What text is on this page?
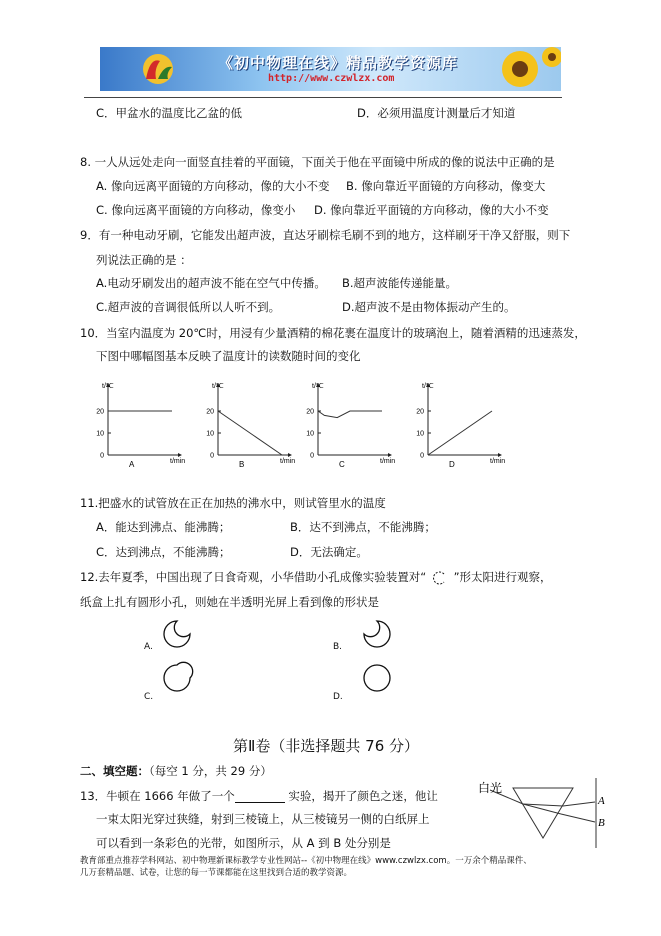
《初中物理在线》精品教学资源库
http://www.czwlzx.com
C．甲盆水的温度比乙盆的低	D．必须用温度计测量后才知道
8. 一人从远处走向一面竖直挂着的平面镜，下面关于他在平面镜中所成的像的说法中正确的是
A. 像向远离平面镜的方向移动，像的大小不变 B. 像向靠近平面镜的方向移动，像变大
C. 像向远离平面镜的方向移动，像变小 D. 像向靠近平面镜的方向移动，像的大小不变
9．有一种电动牙刷，它能发出超声波，直达牙刷棕毛刷不到的地方，这样刷牙干净又舒服，则下
列说法正确的是 ：
A.电动牙刷发出的超声波不能在空气中传播。 B.超声波能传递能量。
C.超声波的音调很低所以人听不到。	D.超声波不是由物体振动产生的。
10．当室内温度为 20℃时，用浸有少量酒精的棉花裹在温度计的玻璃泡上，随着酒精的迅速蒸发，
下图中哪幅图基本反映了温度计的读数随时间的变化
0
10
20
t/℃
t/min
A
0
10
20
t/℃
t/min
B
0
10
20
t/℃
t/min
C
0
10
20
t/℃
t/min
D
11.把盛水的试管放在正在加热的沸水中，则试管里水的温度
A．能达到沸点、能沸腾；	B．达不到沸点，不能沸腾；
C．达到沸点，不能沸腾；	D．无法确定。
12.去年夏季，中国出现了日食奇观，小华借助小孔成像实验装置对“ ”形太阳进行观察，
纸盒上扎有圆形小孔，则她在半透明光屏上看到像的形状是
A.	B.
C.	D.
第Ⅱ卷（非选择题共 76 分）
二、填空题：（每空 1 分，共 29 分）
13．牛顿在 1666 年做了一个	实验，揭开了颜色之迷，他让
一束太阳光穿过狭缝，射到三棱镜上，从三棱镜另一侧的白纸屏上
可以看到一条彩色的光带，如图所示，从 A 到 B 处分别是
白光
A
B
教育部重点推荐学科网站、初中物理新课标教学专业性网站--《初中物理在线》www.czwlzx.com。一万余个精品课件、
几万套精品题、试卷，让您的每一节课都能在这里找到合适的教学资源。
